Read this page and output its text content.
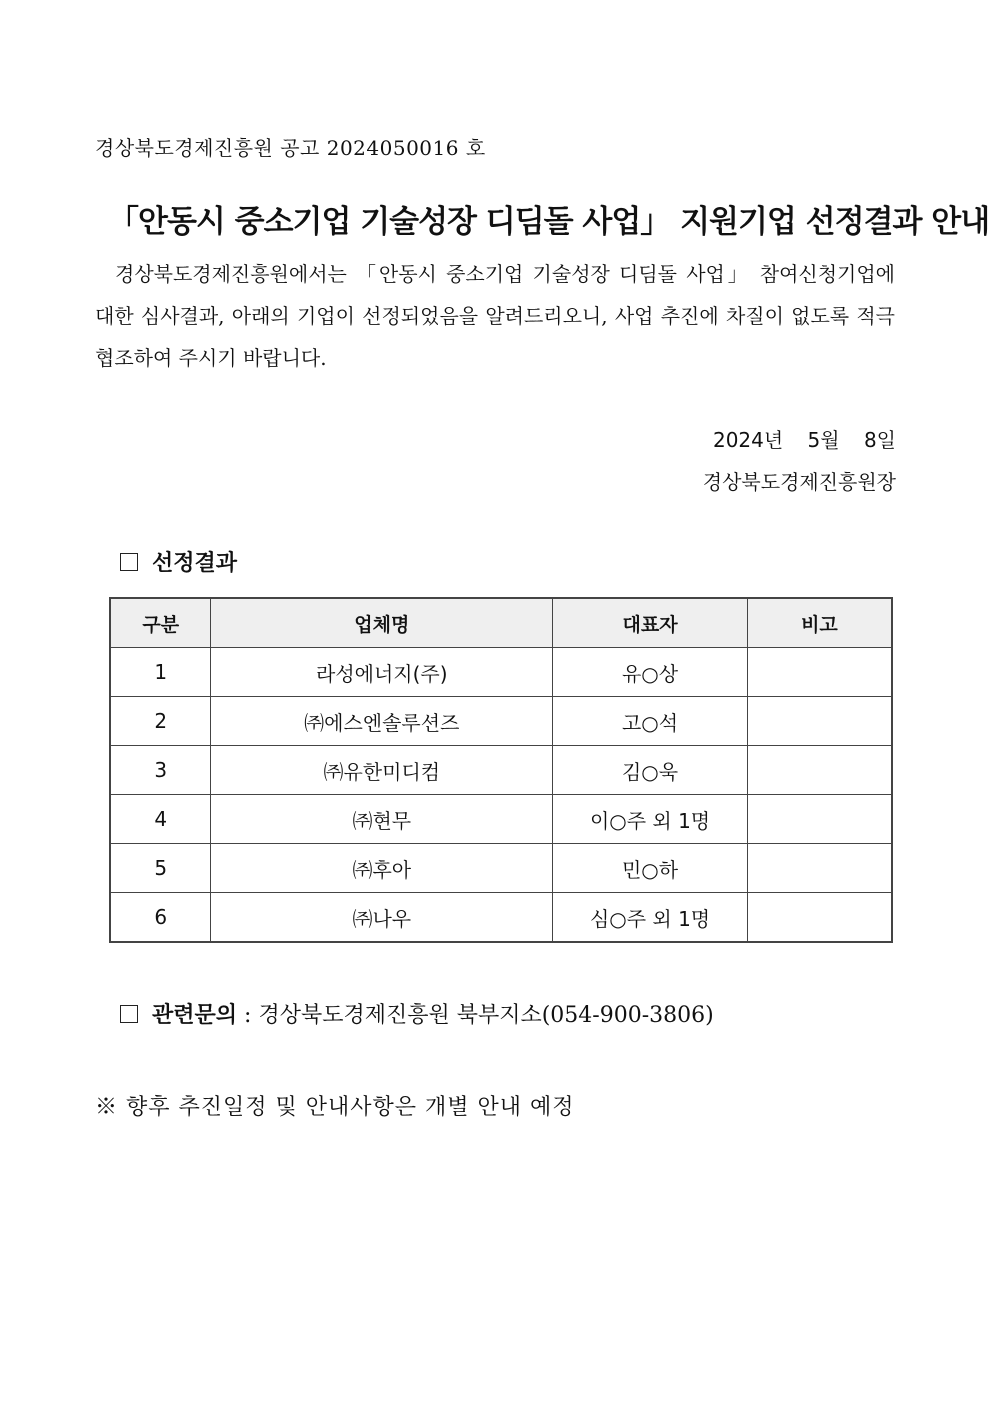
경상북도경제진흥원 공고 2024050016 호
「안동시 중소기업 기술성장 디딤돌 사업」 지원기업 선정결과 안내
경상북도경제진흥원에서는 「안동시 중소기업 기술성장 디딤돌 사업」 참여신청기업에 대한 심사결과, 아래의 기업이 선정되었음을 알려드리오니, 사업 추진에 차질이 없도록 적극 협조하여 주시기 바랍니다.
2024년 5월 8일
경상북도경제진흥원장
선정결과
구분	업체명	대표자	비고
1	라성에너지(주)	유○상	
2	㈜에스엔솔루션즈	고○석	
3	㈜유한미디컴	김○욱	
4	㈜현무	이○주 외 1명	
5	㈜후아	민○하	
6	㈜나우	심○주 외 1명	
관련문의 : 경상북도경제진흥원 북부지소(054-900-3806)
※ 향후 추진일정 및 안내사항은 개별 안내 예정
